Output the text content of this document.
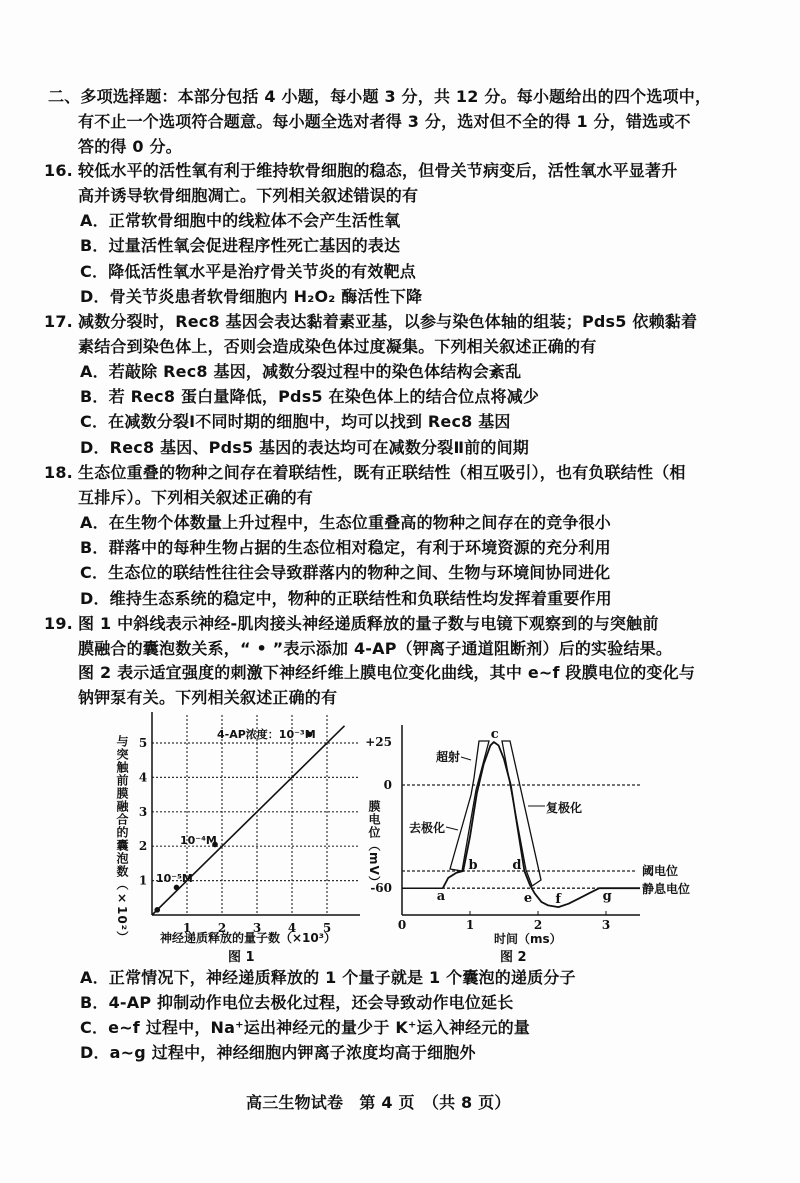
二、多项选择题：本部分包括 4 小题，每小题 3 分，共 12 分。每小题给出的四个选项中，
有不止一个选项符合题意。每小题全选对者得 3 分，选对但不全的得 1 分，错选或不
答的得 0 分。
16. 较低水平的活性氧有利于维持软骨细胞的稳态，但骨关节病变后，活性氧水平显著升
高并诱导软骨细胞凋亡。下列相关叙述错误的有
A．正常软骨细胞中的线粒体不会产生活性氧
B．过量活性氧会促进程序性死亡基因的表达
C．降低活性氧水平是治疗骨关节炎的有效靶点
D．骨关节炎患者软骨细胞内 H₂O₂ 酶活性下降
17. 减数分裂时，Rec8 基因会表达黏着素亚基，以参与染色体轴的组装；Pds5 依赖黏着
素结合到染色体上，否则会造成染色体过度凝集。下列相关叙述正确的有
A．若敲除 Rec8 基因，减数分裂过程中的染色体结构会紊乱
B．若 Rec8 蛋白量降低，Pds5 在染色体上的结合位点将减少
C．在减数分裂Ⅰ不同时期的细胞中，均可以找到 Rec8 基因
D．Rec8 基因、Pds5 基因的表达均可在减数分裂Ⅱ前的间期
18. 生态位重叠的物种之间存在着联结性，既有正联结性（相互吸引），也有负联结性（相
互排斥）。下列相关叙述正确的有
A．在生物个体数量上升过程中，生态位重叠高的物种之间存在的竞争很小
B．群落中的每种生物占据的生态位相对稳定，有利于环境资源的充分利用
C．生态位的联结性往往会导致群落内的物种之间、生物与环境间协同进化
D．维持生态系统的稳定中，物种的正联结性和负联结性均发挥着重要作用
19. 图 1 中斜线表示神经-肌肉接头神经递质释放的量子数与电镜下观察到的与突触前
膜融合的囊泡数关系，“ • ”表示添加 4-AP（钾离子通道阻断剂）后的实验结果。
图 2 表示适宜强度的刺激下神经纤维上膜电位变化曲线，其中 e~f 段膜电位的变化与
钠钾泵有关。下列相关叙述正确的有
A．正常情况下，神经递质释放的 1 个量子就是 1 个囊泡的递质分子
B．4-AP 抑制动作电位去极化过程，还会导致动作电位延长
C．e~f 过程中，Na⁺运出神经元的量少于 K⁺运入神经元的量
D．a~g 过程中，神经细胞内钾离子浓度均高于细胞外
1 2 3 4 5
1
2
3
4
5
0	1	2	3
+25
0
-60
a
b
c
d
e f	g
与突触前膜融合的囊泡数（×10²）	神经递质释放的量子数（×10³）
图 1
膜电位（mV）
时间（ms）
图 2
超射
去极化
复极化
阈电位
静息电位
4-AP浓度：10⁻³M
10⁻⁴M
10⁻⁵M
高三生物试卷　第 4 页　（共 8 页）
